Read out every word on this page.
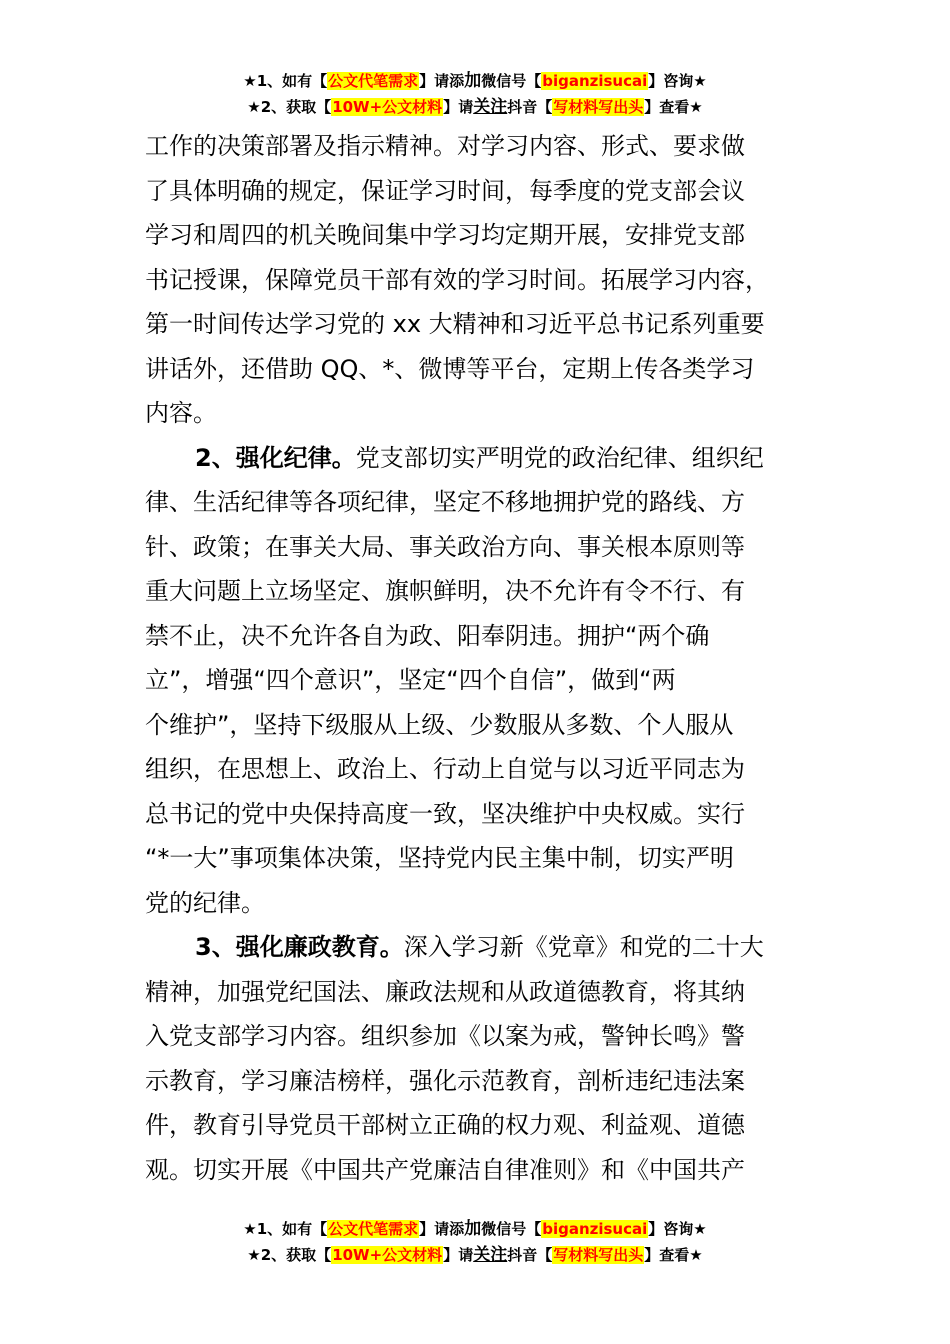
★1、如有【公文代笔需求】请添加微信号【biganzisucai】咨询★
★2、获取【10W+公文材料】请关注抖音【写材料写出头】查看★
工作的决策部署及指示精神。对学习内容、形式、要求做
了具体明确的规定，保证学习时间，每季度的党支部会议
学习和周四的机关晚间集中学习均定期开展，安排党支部
书记授课，保障党员干部有效的学习时间。拓展学习内容，
第一时间传达学习党的 xx 大精神和习近平总书记系列重要
讲话外，还借助 QQ、*、微博等平台，定期上传各类学习
内容。
2、强化纪律。党支部切实严明党的政治纪律、组织纪
律、生活纪律等各项纪律，坚定不移地拥护党的路线、方
针、政策；在事关大局、事关政治方向、事关根本原则等
重大问题上立场坚定、旗帜鲜明，决不允许有令不行、有
禁不止，决不允许各自为政、阳奉阴违。拥护“两个确
立”，增强“四个意识”，坚定“四个自信”，做到“两
个维护”，坚持下级服从上级、少数服从多数、个人服从
组织，在思想上、政治上、行动上自觉与以习近平同志为
总书记的党中央保持高度一致，坚决维护中央权威。实行
“*一大”事项集体决策，坚持党内民主集中制，切实严明
党的纪律。
3、强化廉政教育。深入学习新《党章》和党的二十大
精神，加强党纪国法、廉政法规和从政道德教育，将其纳
入党支部学习内容。组织参加《以案为戒，警钟长鸣》警
示教育，学习廉洁榜样，强化示范教育，剖析违纪违法案
件，教育引导党员干部树立正确的权力观、利益观、道德
观。切实开展《中国共产党廉洁自律准则》和《中国共产
★1、如有【公文代笔需求】请添加微信号【biganzisucai】咨询★
★2、获取【10W+公文材料】请关注抖音【写材料写出头】查看★
